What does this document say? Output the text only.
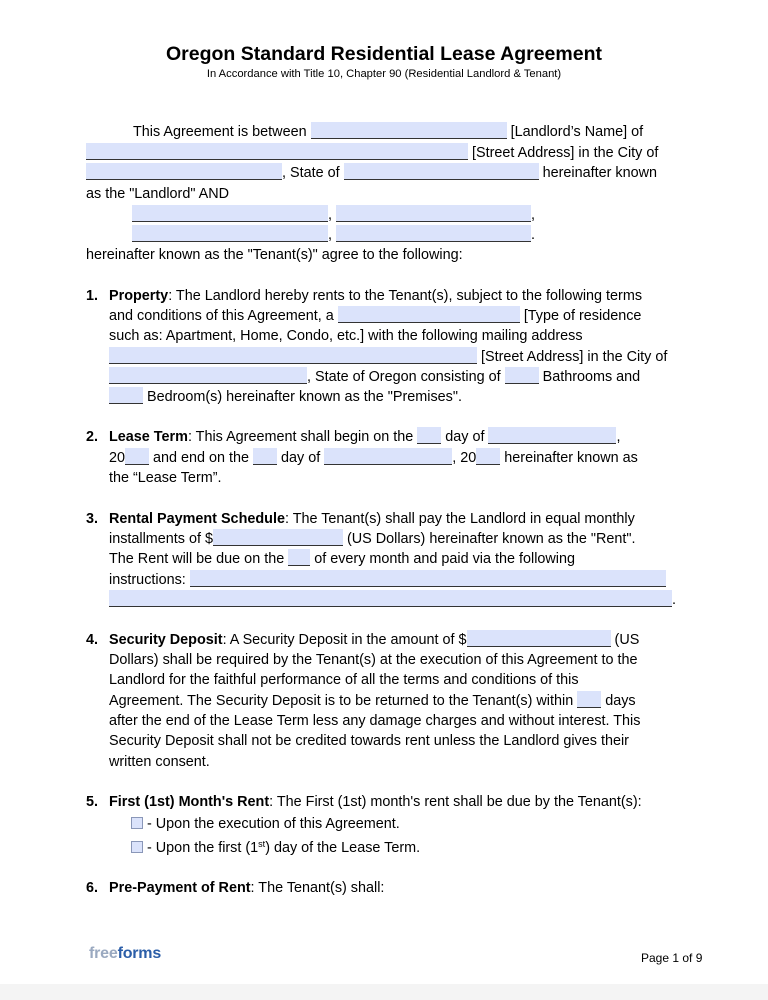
Oregon Standard Residential Lease Agreement
In Accordance with Title 10, Chapter 90 (Residential Landlord & Tenant)
This Agreement is between	[Landlord’s Name] of
[Street Address] in the City of
, State of	hereinafter known
as the "Landlord" AND
,	,
,	.
hereinafter known as the "Tenant(s)" agree to the following:
1. Property: The Landlord hereby rents to the Tenant(s), subject to the following terms
and conditions of this Agreement, a	[Type of residence
such as: Apartment, Home, Condo, etc.] with the following mailing address
[Street Address] in the City of
, State of Oregon consisting of	Bathrooms and
Bedroom(s) hereinafter known as the "Premises".
2. Lease Term: This Agreement shall begin on the day of	,
20 and end on the day of	, 20 hereinafter known as
the “Lease Term”.
3. Rental Payment Schedule: The Tenant(s) shall pay the Landlord in equal monthly
installments of $	(US Dollars) hereinafter known as the "Rent".
The Rent will be due on the of every month and paid via the following
instructions:
.
4. Security Deposit: A Security Deposit in the amount of $	(US
Dollars) shall be required by the Tenant(s) at the execution of this Agreement to the
Landlord for the faithful performance of all the terms and conditions of this
Agreement. The Security Deposit is to be returned to the Tenant(s) within days
after the end of the Lease Term less any damage charges and without interest. This
Security Deposit shall not be credited towards rent unless the Landlord gives their
written consent.
5. First (1st) Month's Rent: The First (1st) month's rent shall be due by the Tenant(s):
- Upon the execution of this Agreement.
- Upon the first (1st) day of the Lease Term.
6. Pre-Payment of Rent: The Tenant(s) shall:
freeforms	Page 1 of 9
